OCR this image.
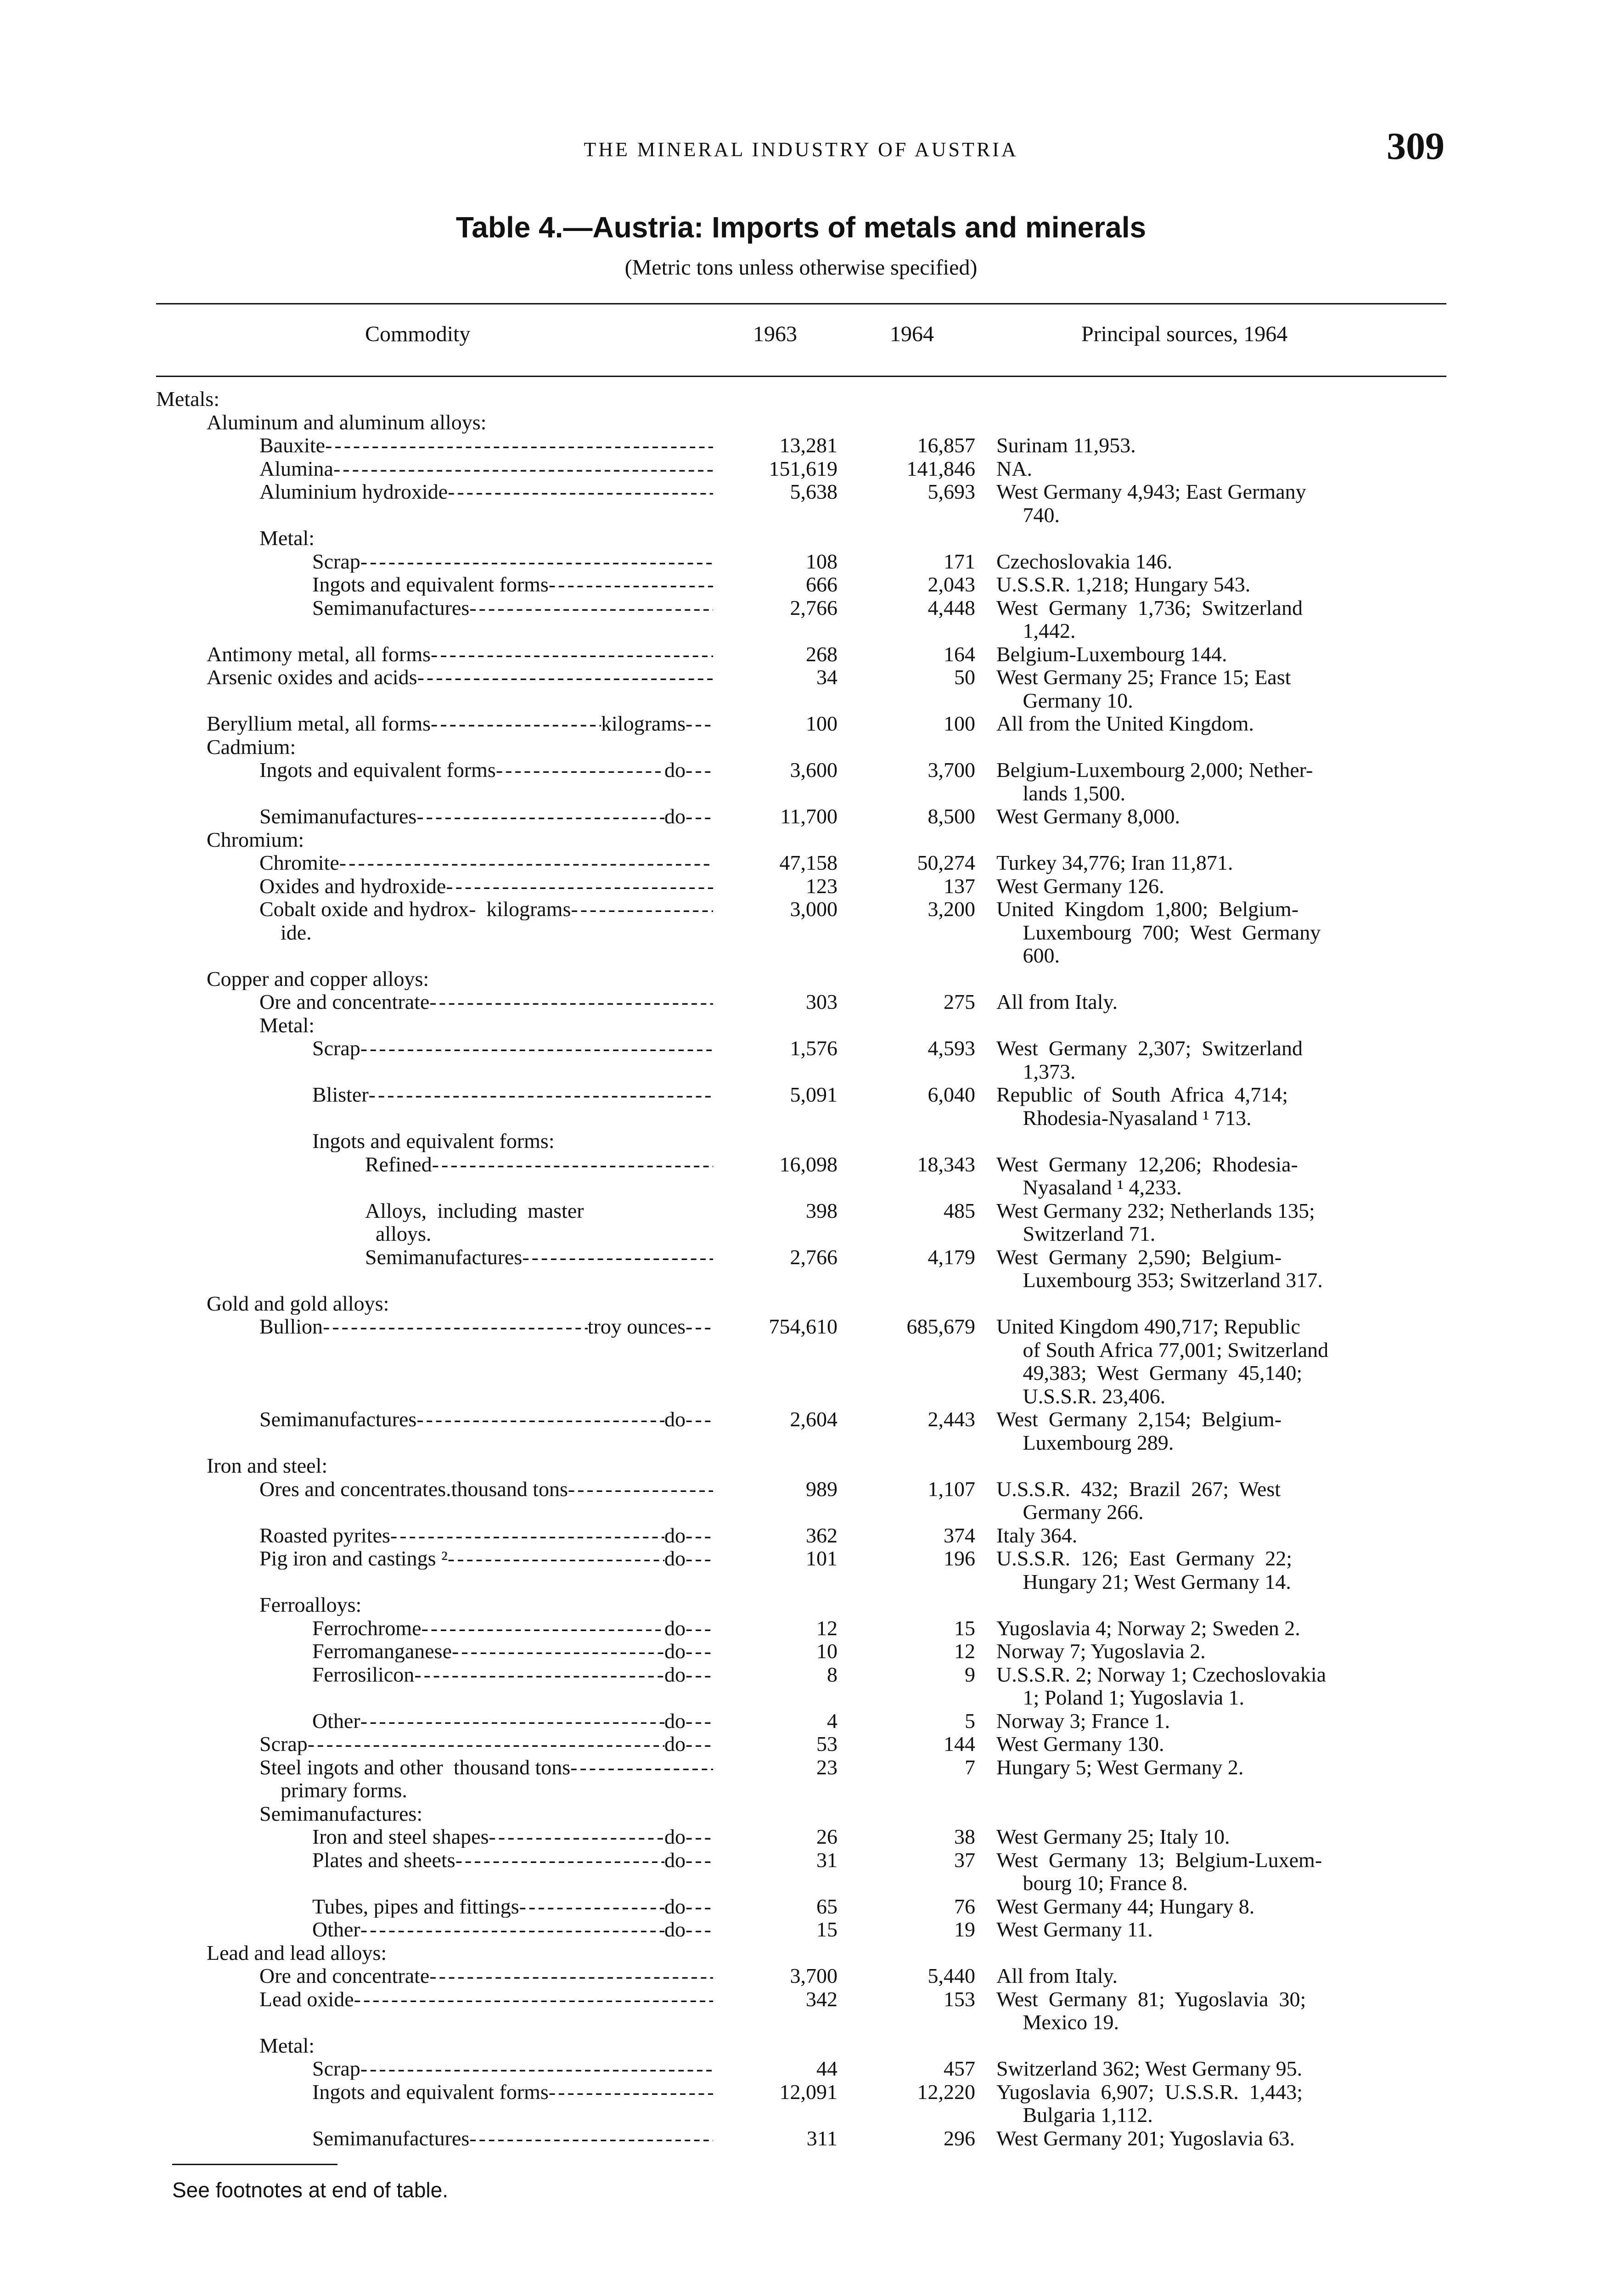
THE MINERAL INDUSTRY OF AUSTRIA	309
Table 4.—Austria: Imports of metals and minerals
(Metric tons unless otherwise specified)
Commodity	1963	1964	Principal sources, 1964
Metals:
Aluminum and aluminum alloys:
Bauxite -----	13,281	16,857 Surinam 11,953.
Alumina -----	151,619	141,846 NA.
Aluminium hydroxide -----	5,638	5,693 West Germany 4,943; East Germany
740.
Metal:
Scrap -----	108	171 Czechoslovakia 146.
Ingots and equivalent forms -----	666	2,043 U.S.S.R. 1,218; Hungary 543.
Semimanufactures -----	2,766	4,448 West  Germany  1,736;  Switzerland
1,442.
Antimony metal, all forms -----	268	164 Belgium-Luxembourg 144.
Arsenic oxides and acids -----	34	50 West Germany 25; France 15; East
Germany 10.
Beryllium metal, all forms -----	kilograms -----	100	100 All from the United Kingdom.
Cadmium:
Ingots and equivalent forms -----	do -----	3,600	3,700 Belgium-Luxembourg 2,000; Nether-
lands 1,500.
Semimanufactures -----	do -----	11,700	8,500 West Germany 8,000.
Chromium:
Chromite -----	47,158	50,274 Turkey 34,776; Iran 11,871.
Oxides and hydroxide -----	123	137 West Germany 126.
Cobalt oxide and hydrox-  kilograms -----	3,000	3,200 United  Kingdom  1,800;  Belgium-
ide.	Luxembourg  700;  West  Germany
600.
Copper and copper alloys:
Ore and concentrate -----	303	275 All from Italy.
Metal:
Scrap -----	1,576	4,593 West  Germany  2,307;  Switzerland
1,373.
Blister -----	5,091	6,040 Republic  of  South  Africa  4,714;
Rhodesia-Nyasaland ¹ 713.
Ingots and equivalent forms:
Refined -----	16,098	18,343 West  Germany  12,206;  Rhodesia-
Nyasaland ¹ 4,233.
Alloys,  including  master	398	485 West Germany 232; Netherlands 135;
alloys.	Switzerland 71.
Semimanufactures -----	2,766	4,179 West  Germany  2,590;  Belgium-
Luxembourg 353; Switzerland 317.
Gold and gold alloys:
Bullion -----	troy ounces -----	754,610	685,679 United Kingdom 490,717; Republic
of South Africa 77,001; Switzerland
49,383;  West  Germany  45,140;
U.S.S.R. 23,406.
Semimanufactures -----	do -----	2,604	2,443 West  Germany  2,154;  Belgium-
Luxembourg 289.
Iron and steel:
Ores and concentrates.thousand tons -----	989	1,107 U.S.S.R.  432;  Brazil  267;  West
Germany 266.
Roasted pyrites -----	do -----	362	374 Italy 364.
Pig iron and castings ² -----	do -----	101	196 U.S.S.R.  126;  East  Germany  22;
Hungary 21; West Germany 14.
Ferroalloys:
Ferrochrome -----	do -----	12	15 Yugoslavia 4; Norway 2; Sweden 2.
Ferromanganese -----	do -----	10	12 Norway 7; Yugoslavia 2.
Ferrosilicon -----	do -----	8	9 U.S.S.R. 2; Norway 1; Czechoslovakia
1; Poland 1; Yugoslavia 1.
Other -----	do -----	4	5 Norway 3; France 1.
Scrap -----	do -----	53	144 West Germany 130.
Steel ingots and other  thousand tons -----	23	7 Hungary 5; West Germany 2.
primary forms.
Semimanufactures:
Iron and steel shapes -----	do -----	26	38 West Germany 25; Italy 10.
Plates and sheets -----	do -----	31	37 West  Germany  13;  Belgium-Luxem-
bourg 10; France 8.
Tubes, pipes and fittings -----	do -----	65	76 West Germany 44; Hungary 8.
Other -----	do -----	15	19 West Germany 11.
Lead and lead alloys:
Ore and concentrate -----	3,700	5,440 All from Italy.
Lead oxide -----	342	153 West  Germany  81;  Yugoslavia  30;
Mexico 19.
Metal:
Scrap -----	44	457 Switzerland 362; West Germany 95.
Ingots and equivalent forms -----	12,091	12,220 Yugoslavia  6,907;  U.S.S.R.  1,443;
Bulgaria 1,112.
Semimanufactures -----	311	296 West Germany 201; Yugoslavia 63.
See footnotes at end of table.
